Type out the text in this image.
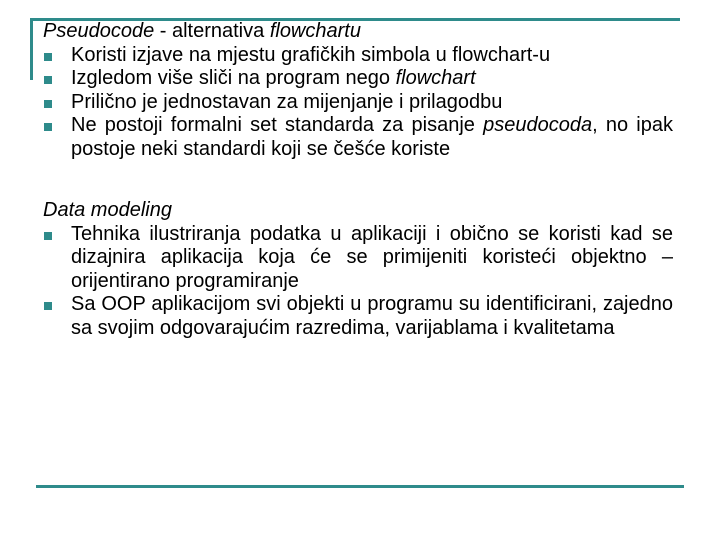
Pseudocode - alternativa flowchartu

Koristi izjave na mjestu grafičkih simbola u flowchart-u
Izgledom više sliči na program nego flowchart
Prilično je jednostavan za mijenjanje i prilagodbu
Ne postoji formalni set standarda za pisanje pseudocoda, no ipak postoje neki standardi koji se češće koriste

Data modeling

Tehnika ilustriranja podatka u aplikaciji i obično se koristi kad se dizajnira aplikacija koja će se primijeniti koristeći objektno – orijentirano programiranje
Sa OOP aplikacijom svi objekti u programu su identificirani, zajedno sa svojim odgovarajućim razredima, varijablama i kvalitetama
